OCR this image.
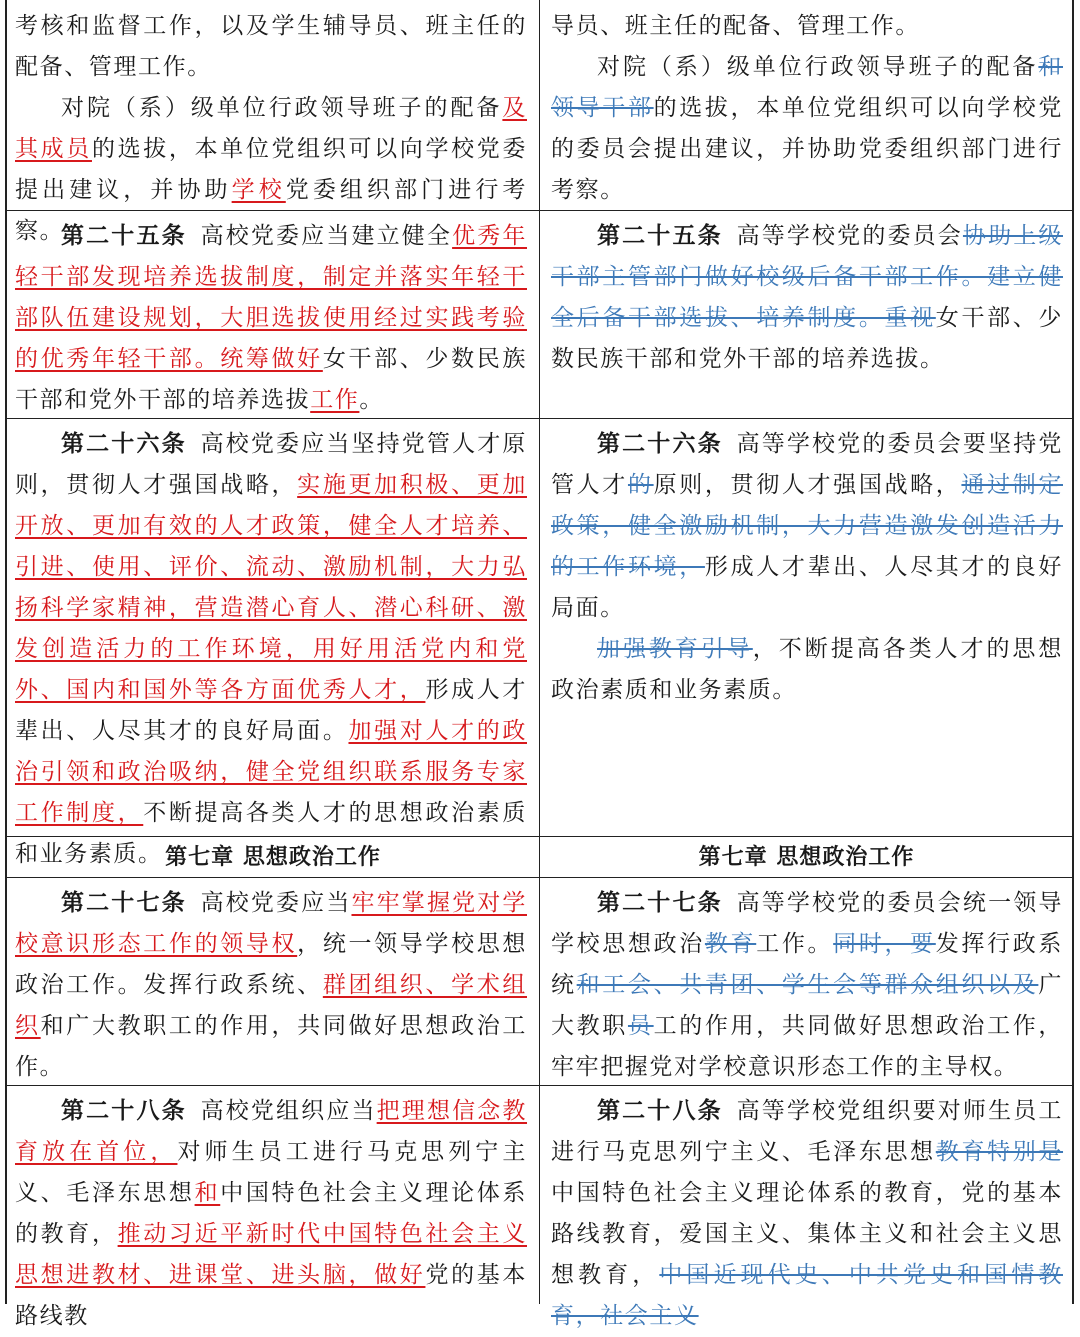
考核和监督工作，以及学生辅导员、班主任的配备、管理工作。

对院（系）级单位行政领导班子的配备及其成员的选拔，本单位党组织可以向学校党委提出建议，并协助学校党委组织部门进行考察。

导员、班主任的配备、管理工作。

对院（系）级单位行政领导班子的配备和领导干部的选拔，本单位党组织可以向学校党的委员会提出建议，并协助党委组织部门进行考察。

第二十五条 高校党委应当建立健全优秀年轻干部发现培养选拔制度，制定并落实年轻干部队伍建设规划，大胆选拔使用经过实践考验的优秀年轻干部。统筹做好女干部、少数民族干部和党外干部的培养选拔工作。
第二十五条 高等学校党的委员会协助上级干部主管部门做好校级后备干部工作。建立健全后备干部选拔、培养制度。重视女干部、少数民族干部和党外干部的培养选拔。
第二十六条 高校党委应当坚持党管人才原则，贯彻人才强国战略，实施更加积极、更加开放、更加有效的人才政策，健全人才培养、引进、使用、评价、流动、激励机制，大力弘扬科学家精神，营造潜心育人、潜心科研、激发创造活力的工作环境，用好用活党内和党外、国内和国外等各方面优秀人才，形成人才辈出、人尽其才的良好局面。加强对人才的政治引领和政治吸纳，健全党组织联系服务专家工作制度，不断提高各类人才的思想政治素质和业务素质。

第二十六条 高等学校党的委员会要坚持党管人才的原则，贯彻人才强国战略，通过制定政策，健全激励机制，大力营造激发创造活力的工作环境，形成人才辈出、人尽其才的良好局面。

加强教育引导，不断提高各类人才的思想政治素质和业务素质。

第七章 思想政治工作	第七章 思想政治工作
第二十七条 高校党委应当牢牢掌握党对学校意识形态工作的领导权，统一领导学校思想政治工作。发挥行政系统、群团组织、学术组织和广大教职工的作用，共同做好思想政治工作。
第二十七条 高等学校党的委员会统一领导学校思想政治教育工作。同时，要发挥行政系统和工会、共青团、学生会等群众组织以及广大教职员工的作用，共同做好思想政治工作，牢牢把握党对学校意识形态工作的主导权。
第二十八条 高校党组织应当把理想信念教育放在首位，对师生员工进行马克思列宁主义、毛泽东思想和中国特色社会主义理论体系的教育，推动习近平新时代中国特色社会主义思想进教材、进课堂、进头脑，做好党的基本路线教
第二十八条 高等学校党组织要对师生员工进行马克思列宁主义、毛泽东思想教育特别是中国特色社会主义理论体系的教育，党的基本路线教育，爱国主义、集体主义和社会主义思想教育，中国近现代史、中共党史和国情教育，社会主义
